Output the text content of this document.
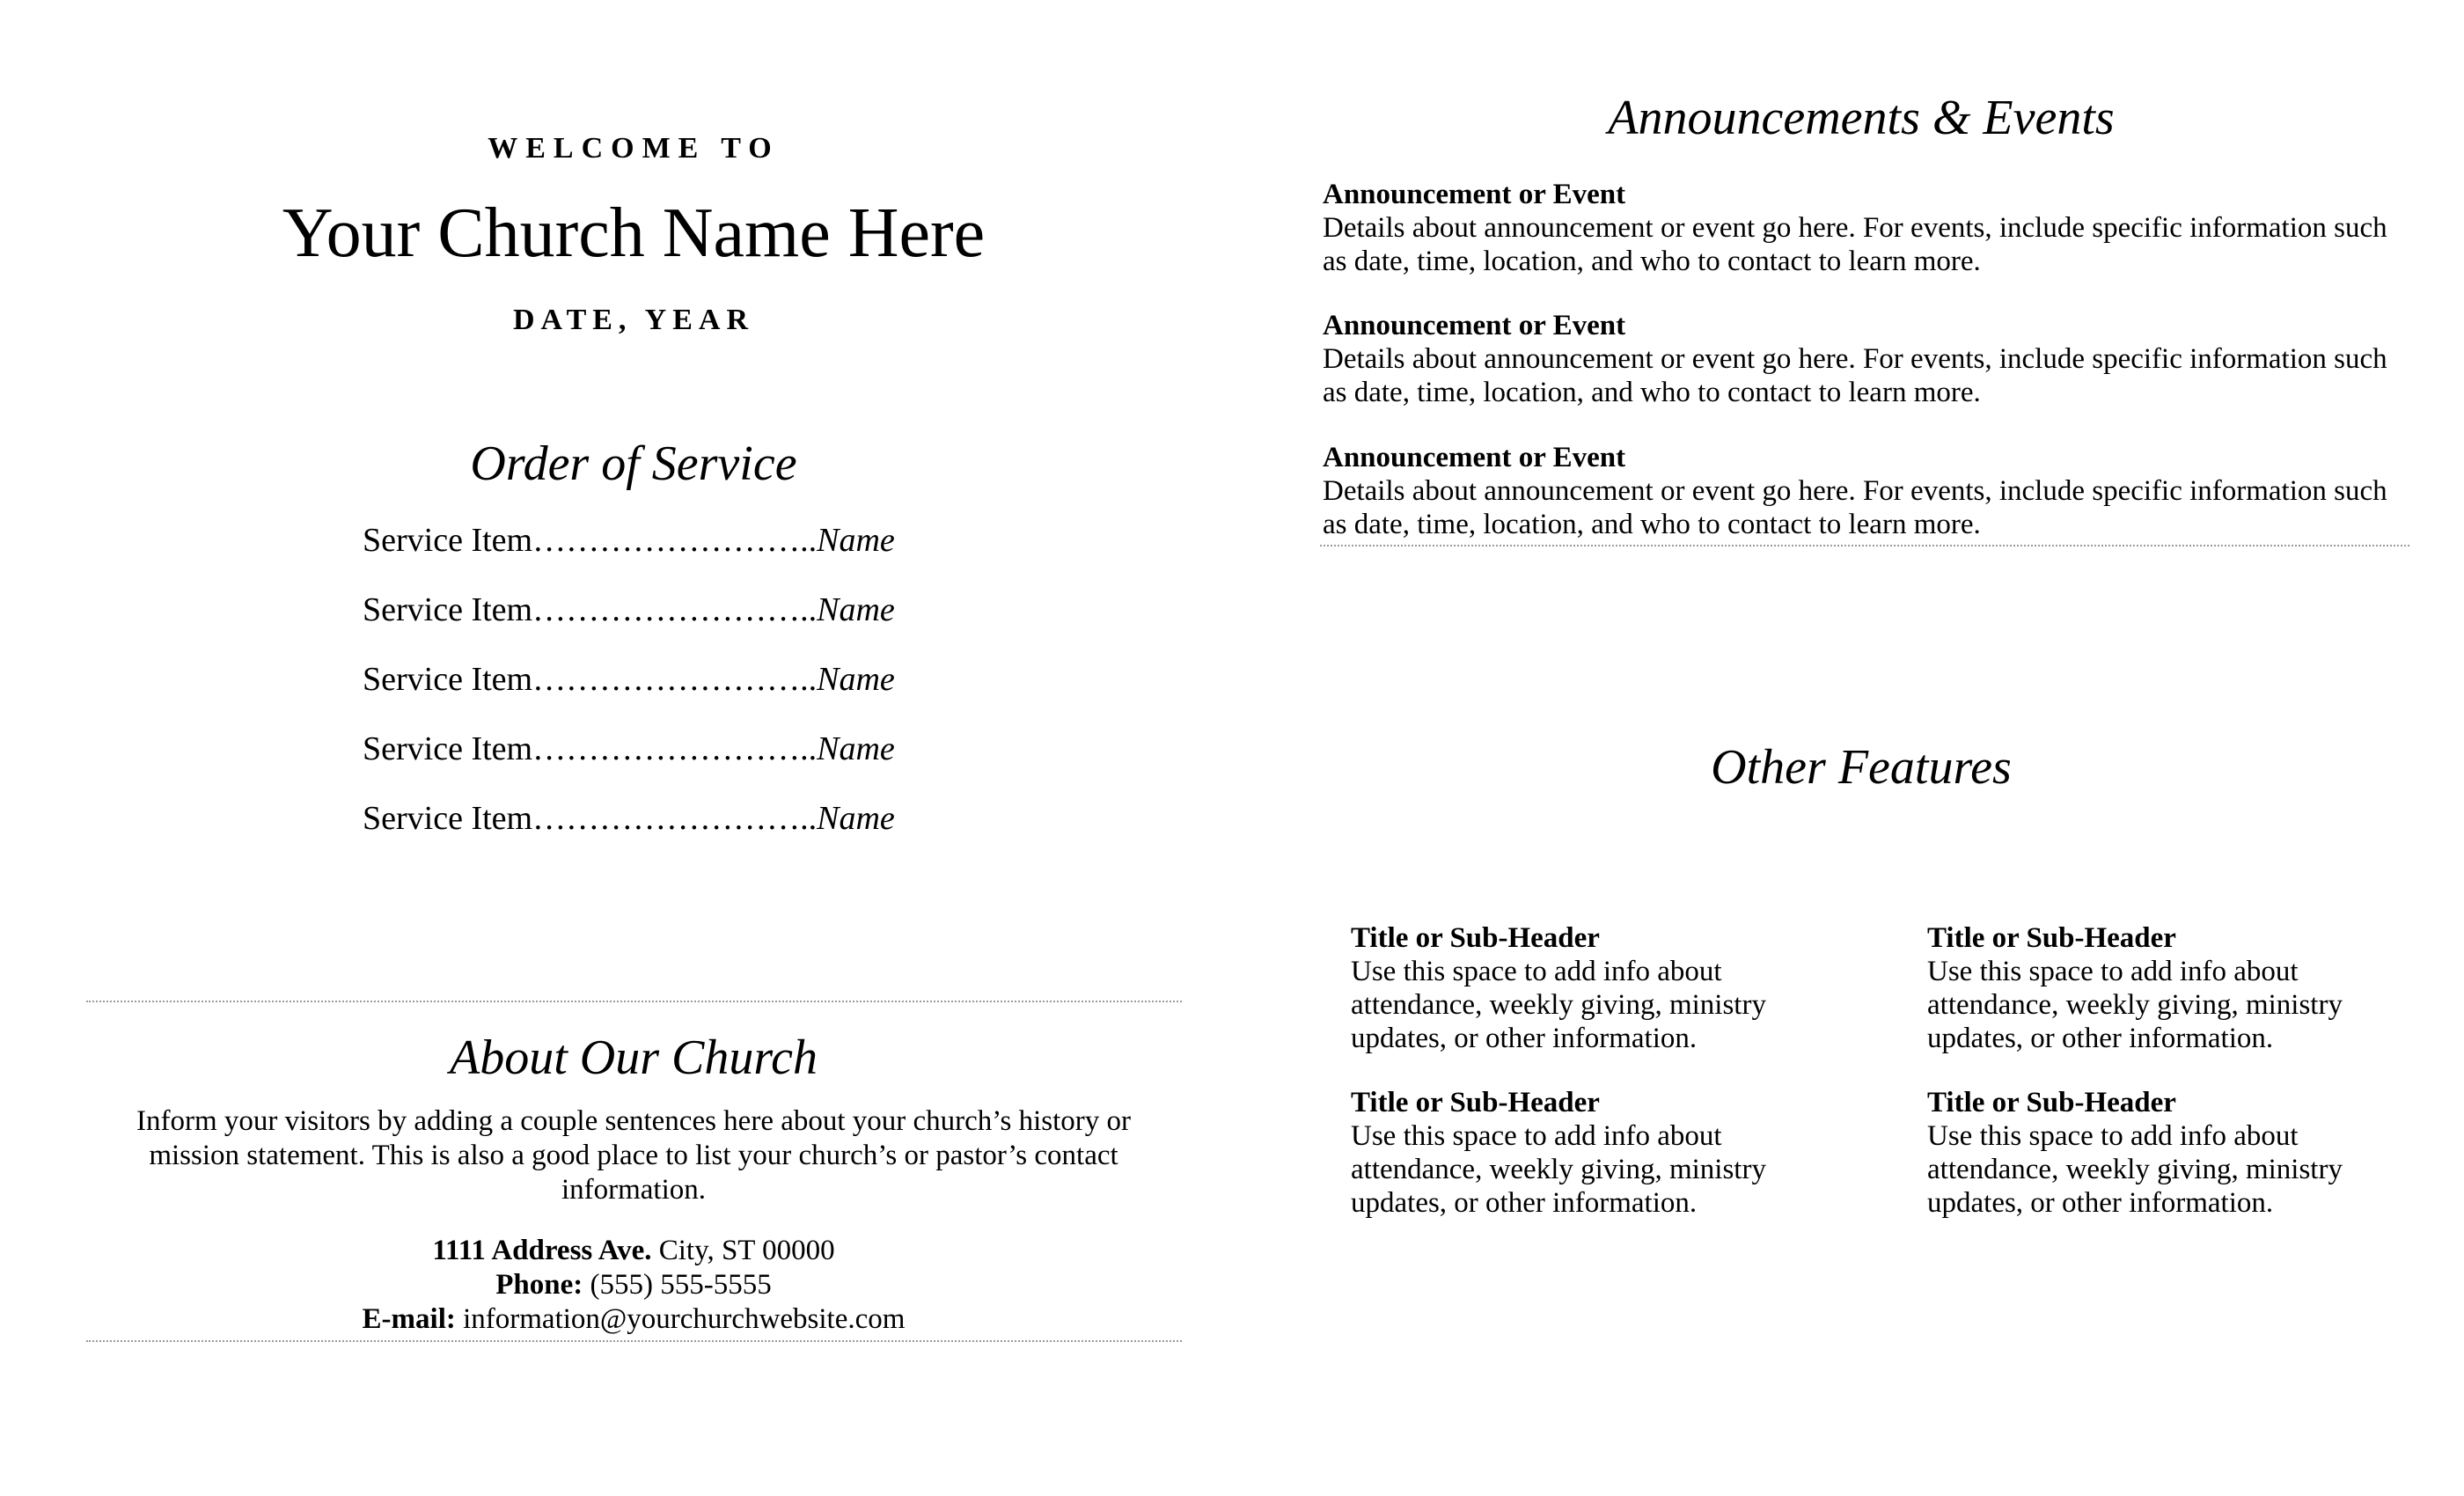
WELCOME TO
Your Church Name Here
DATE, YEAR
Order of Service
Service Item……………………..Name
Service Item……………………..Name
Service Item……………………..Name
Service Item……………………..Name
Service Item……………………..Name
About Our Church
Inform your visitors by adding a couple sentences here about your church’s history or mission statement. This is also a good place to list your church’s or pastor’s contact information.
1111 Address Ave. City, ST 00000
Phone: (555) 555-5555
E-mail: information@yourchurchwebsite.com
Announcements & Events
Announcement or Event
Details about announcement or event go here. For events, include specific information such as date, time, location, and who to contact to learn more.
Announcement or Event
Details about announcement or event go here. For events, include specific information such as date, time, location, and who to contact to learn more.
Announcement or Event
Details about announcement or event go here. For events, include specific information such as date, time, location, and who to contact to learn more.
Other Features
Title or Sub-Header
Use this space to add info about attendance, weekly giving, ministry updates, or other information.
Title or Sub-Header
Use this space to add info about attendance, weekly giving, ministry updates, or other information.
Title or Sub-Header
Use this space to add info about attendance, weekly giving, ministry updates, or other information.
Title or Sub-Header
Use this space to add info about attendance, weekly giving, ministry updates, or other information.
